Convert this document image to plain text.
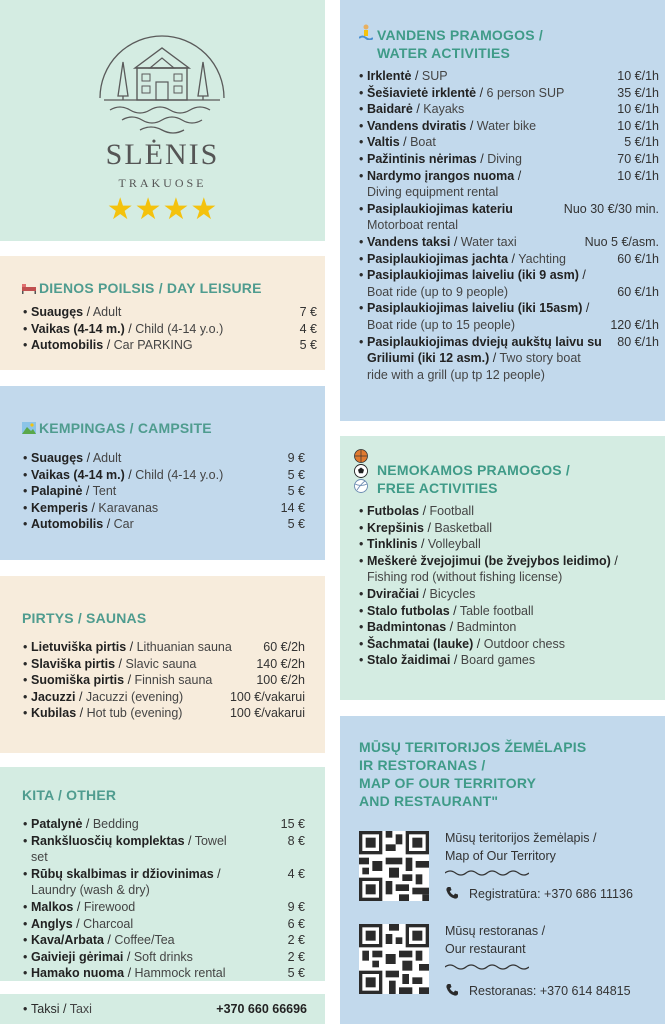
SLĖNIS
TRAKUOSE
★★★★
DIENOS POILSIS / DAY LEISURE
• Suaugęs / Adult	7 €
• Vaikas (4-14 m.) / Child (4-14 y.o.)	4 €
• Automobilis / Car PARKING	5 €
KEMPINGAS / CAMPSITE
• Suaugęs / Adult	9 €
• Vaikas (4-14 m.) / Child (4-14 y.o.)	5 €
• Palapinė / Tent	5 €
• Kemperis / Karavanas	14 €
• Automobilis / Car	5 €
PIRTYS / SAUNAS
• Lietuviška pirtis / Lithuanian sauna	60 €/2h
• Slaviška pirtis / Slavic sauna	140 €/2h
• Suomiška pirtis / Finnish sauna	100 €/2h
• Jacuzzi / Jacuzzi (evening)	100 €/vakarui
• Kubilas / Hot tub (evening)	100 €/vakarui
KITA / OTHER
• Patalynė / Bedding	15 €
• Rankšluosčių komplektas / Towel set
8 €
• Rūbų skalbimas ir džiovinimas /
Laundry (wash & dry)
4 €
• Malkos / Firewood	9 €
• Anglys / Charcoal	6 €
• Kava/Arbata / Coffee/Tea	2 €
• Gaivieji gėrimai / Soft drinks	2 €
• Hamako nuoma / Hammock rental	5 €
• Taksi / Taxi	+370 660 66696
VANDENS PRAMOGOS /
WATER ACTIVITIES
• Irklentė / SUP	10 €/1h
• Šešiavietė irklentė / 6 person SUP	35 €/1h
• Baidarė / Kayaks	10 €/1h
• Vandens dviratis / Water bike	10 €/1h
• Valtis / Boat	5 €/1h
• Pažintinis nėrimas / Diving	70 €/1h
• Nardymo įrangos nuoma /
Diving equipment rental
10 €/1h
• Pasiplaukiojimas kateriu
Motorboat rental
Nuo 30 €/30 min.
• Vandens taksi / Water taxi	Nuo 5 €/asm.
• Pasiplaukiojimas jachta / Yachting	60 €/1h
• Pasiplaukiojimas laiveliu (iki 9 asm) /
Boat ride (up to 9 people)	60 €/1h
• Pasiplaukiojimas laiveliu (iki 15asm) /
Boat ride (up to 15 people)	120 €/1h
• Pasiplaukiojimas dviejų aukštų laivu su Griliumi (iki 12 asm.) / Two story boat ride with a grill (up tp 12 people)
80 €/1h
NEMOKAMOS PRAMOGOS /
FREE ACTIVITIES
• Futbolas / Football
• Krepšinis / Basketball
• Tinklinis / Volleyball
• Meškerė žvejojimui (be žvejybos leidimo) /
Fishing rod (without fishing license)
• Dviračiai / Bicycles
• Stalo futbolas / Table football
• Badmintonas / Badminton
• Šachmatai (lauke) / Outdoor chess
• Stalo žaidimai / Board games
MŪSŲ TERITORIJOS ŽEMĖLAPIS
IR RESTORANAS /
MAP OF OUR TERRITORY
AND RESTAURANT"
Mūsų teritorijos žemėlapis /
Map of Our Territory
Registratūra: +370 686 11136
Mūsų restoranas /
Our restaurant
Restoranas: +370 614 84815
